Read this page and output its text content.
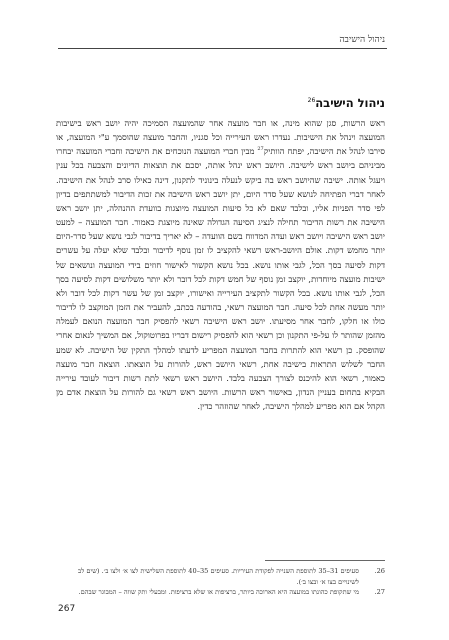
ניהול הישיבה
ניהול הישיבה$^{26}$
ראש הרשות, סגן שהוא מינה, או חבר מועצה אחר שהמועצה הסמיכה יהיה יושב ראש בישיבות המועצה וינהל את הישיבות. נעדרו ראש העירייה וכל סגניו, והחבר מועצה שהוסמך ע"י המועצה, או סירבו לנהל את הישיבה, יפתח הוותיק$^{27}$ מבין חברי המועצה הנוכחים את הישיבה וחברי המועצה יבחרו מביניהם ביושב ראש לישיבה. היושב ראש ינהל אותה, יסכם את תוצאות הדיונים והצבעה בכל ענין ויעגל אותה. ישיבה שהיושב ראש בה ביקש לנעלה בינוניד לתקנון, דינה כאילו סרב לנהל את הישיבה. לאחר דברי הפתיחה לנושא שעל סדר היום, יתן יושב ראש הישיבה את זכות הדיבור למשתתפים בדיון לפי סדר הפניות אליו, ובלבד שאם לא כל סיעות המועצה מיוצגות בוועדת ההנהלה, יתן יושב ראש הישיבה את רשות הדיבור תחילה לנציג הסיעה הגדולה שאינה מיוצגת כאמור. חבר המועצה – למעט יושב ראש הישיבה ויושב ראש ועדה המדווח בשם הוועדה – לא יאריך בדיבור לגבי נושא שעל סדר-היום יותר מחמש דקות. אולם היושב-ראש רשאי להקציב לו זמן נוסף לדיבור ובלבד שלא יעלה על עשרים דקות לסיעה בסך הכל, לגבי אותו נושא. בכל נושא הקשור לאישור חוזים בידי המועצה ונושאים של ישיבות מועצה מיוחדות, יוקצב זמן נוסף של חמש דקות לכל דובר ולא יותר משלושים דקות לסיעה בסך הכל, לגבי אותו נושא. בכל הקשור לתקציב העירייה ואישורו, יוקצב זמן של עשר דקות לכל דובר ולא יותר מעשה אחת לכל סיעה. חבר המועצה רשאי, בהודעה בכתב, להעביר את הזמן המוקצב לו לדיבור כולו או חלקו, לחבר אחר מסיעתו. יושב ראש הישיבה רשאי להפסיק חבר המועצה הנואם לעמלה מהזמן שהותר לו על-פי התקנון וכן רשאי הוא להפסיק רישום דבריו בפרוטוקול, אם המשיך לנאום אחרי שהופסק. כן רשאי הוא להתרות בחבר המועצה המפריע לדעתו למהלך התקין של הישיבה. לא שמע החבר לשלוש התראות בישיבה אחת, רשאי היושב ראש, להורות על הוצאתו. הוצאה חבר מועצה כאמור, רשאי הוא להיכנס לצורך הצבעה בלבד. היושב ראש רשאי לתת רשות דיבור לעובד עירייה הבקיא בתחום בעניין הנדון, באישור ראש הרשות. היושב ראש רשאי גם להורות על הוצאת אדם מן הקהל אם הוא מפריע למהלך הישיבה, לאחר שהוזהר כדין.
26.
סעיפים 31–35 לתוספת השנייה לפקודת העיריות. סעיפים 35–40 לתוספת השלישית לצו א׳ ולצו ב׳. (שים לב לשינויים בצו א׳ ובצו ב׳).
27.
מי שתקופת כהונתו במועצה היא הארוכה ביותר, ברציפות או שלא ברציפות. ומבעלי ותק שווה – המבוגר שבהם.
267
